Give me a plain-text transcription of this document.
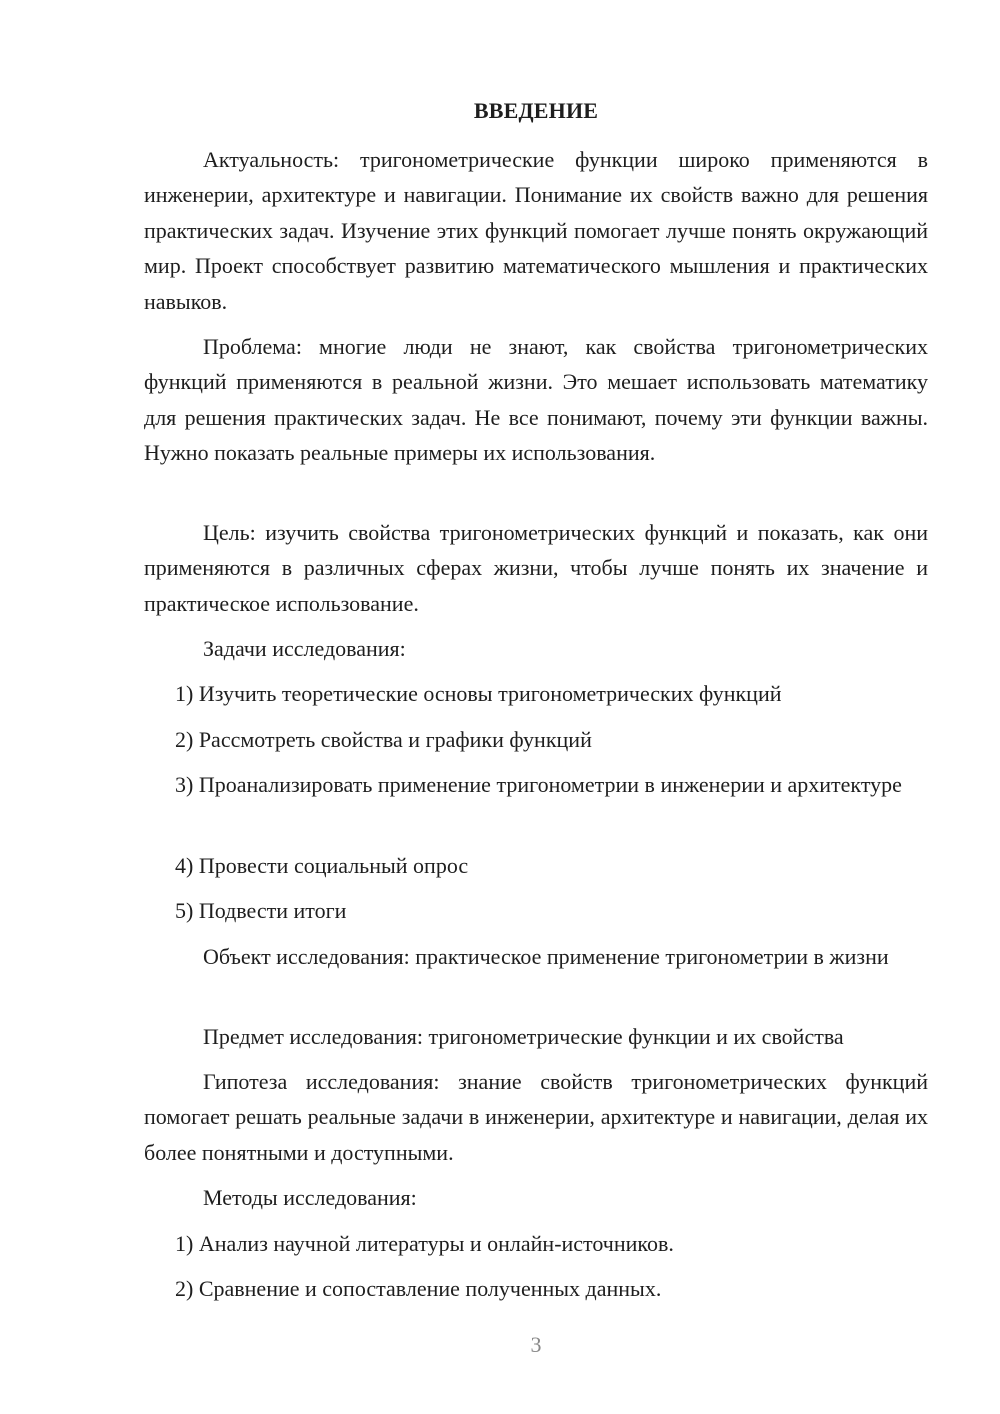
ВВЕДЕНИЕ

Актуальность: тригонометрические функции широко применяются в инженерии, архитектуре и навигации. Понимание их свойств важно для решения практических задач. Изучение этих функций помогает лучше понять окружающий мир. Проект способствует развитию математического мышления и практических навыков.

Проблема: многие люди не знают, как свойства тригонометрических функций применяются в реальной жизни. Это мешает использовать математику для решения практических задач. Не все понимают, почему эти функции важны. Нужно показать реальные примеры их использования.

Цель: изучить свойства тригонометрических функций и показать, как они применяются в различных сферах жизни, чтобы лучше понять их значение и практическое использование.

Задачи исследования:

1) Изучить теоретические основы тригонометрических функций

2) Рассмотреть свойства и графики функций

3) Проанализировать применение тригонометрии в инженерии и архитектуре

4) Провести социальный опрос

5) Подвести итоги

Объект исследования: практическое применение тригонометрии в жизни

Предмет исследования: тригонометрические функции и их свойства

Гипотеза исследования: знание свойств тригонометрических функций помогает решать реальные задачи в инженерии, архитектуре и навигации, делая их более понятными и доступными.

Методы исследования:

1) Анализ научной литературы и онлайн-источников.

2) Сравнение и сопоставление полученных данных.

3
